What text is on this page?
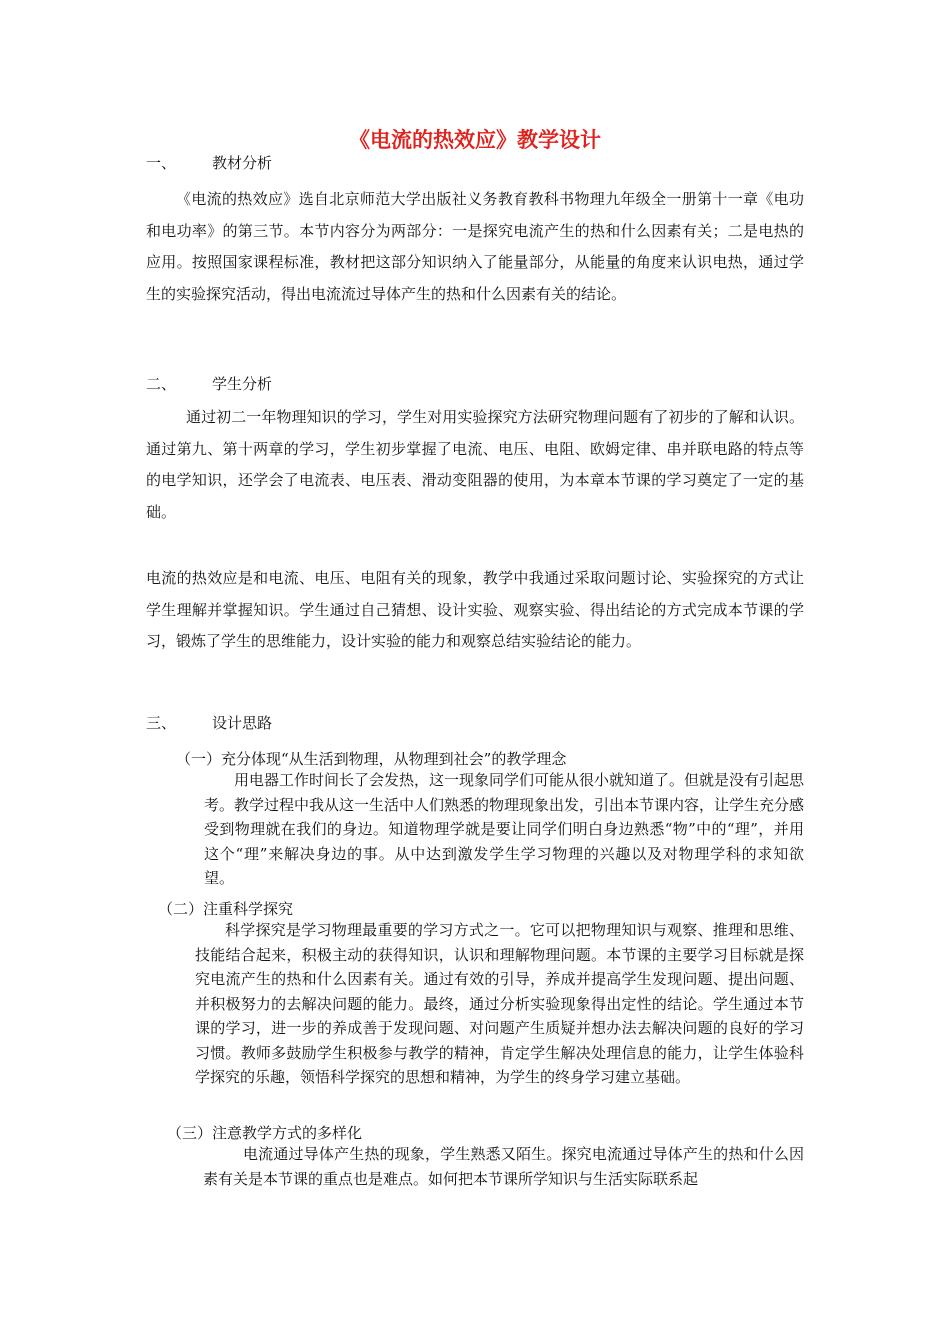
《电流的热效应》教学设计
一、 教材分析

《电流的热效应》选自北京师范大学出版社义务教育教科书物理九年级全一册第十一章《电功和电功率》的第三节。本节内容分为两部分：一是探究电流产生的热和什么因素有关；二是电热的应用。按照国家课程标准，教材把这部分知识纳入了能量部分，从能量的角度来认识电热，通过学生的实验探究活动，得出电流流过导体产生的热和什么因素有关的结论。

二、 学生分析

通过初二一年物理知识的学习，学生对用实验探究方法研究物理问题有了初步的了解和认识。通过第九、第十两章的学习，学生初步掌握了电流、电压、电阻、欧姆定律、串并联电路的特点等的电学知识，还学会了电流表、电压表、滑动变阻器的使用，为本章本节课的学习奠定了一定的基础。

电流的热效应是和电流、电压、电阻有关的现象，教学中我通过采取问题讨论、实验探究的方式让学生理解并掌握知识。学生通过自己猜想、设计实验、观察实验、得出结论的方式完成本节课的学习，锻炼了学生的思维能力，设计实验的能力和观察总结实验结论的能力。

三、 设计思路
（一）充分体现“从生活到物理，从物理到社会”的教学理念

用电器工作时间长了会发热，这一现象同学们可能从很小就知道了。但就是没有引起思考。教学过程中我从这一生活中人们熟悉的物理现象出发，引出本节课内容，让学生充分感受到物理就在我们的身边。知道物理学就是要让同学们明白身边熟悉“物”中的“理”，并用这个“理”来解决身边的事。从中达到激发学生学习物理的兴趣以及对物理学科的求知欲望。

（二）注重科学探究

科学探究是学习物理最重要的学习方式之一。它可以把物理知识与观察、推理和思维、技能结合起来，积极主动的获得知识，认识和理解物理问题。本节课的主要学习目标就是探究电流产生的热和什么因素有关。通过有效的引导，养成并提高学生发现问题、提出问题、并积极努力的去解决问题的能力。最终，通过分析实验现象得出定性的结论。学生通过本节课的学习，进一步的养成善于发现问题、对问题产生质疑并想办法去解决问题的良好的学习习惯。教师多鼓励学生积极参与教学的精神，肯定学生解决处理信息的能力，让学生体验科学探究的乐趣，领悟科学探究的思想和精神，为学生的终身学习建立基础。

（三）注意教学方式的多样化

电流通过导体产生热的现象，学生熟悉又陌生。探究电流通过导体产生的热和什么因素有关是本节课的重点也是难点。如何把本节课所学知识与生活实际联系起
